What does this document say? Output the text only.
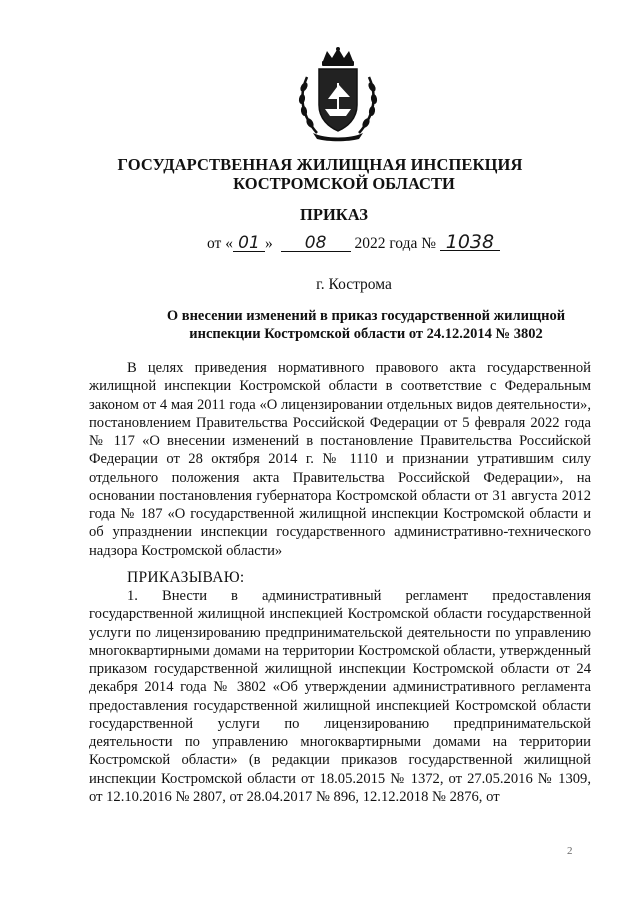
ГОСУДАРСТВЕННАЯ ЖИЛИЩНАЯ ИНСПЕКЦИЯ
КОСТРОМСКОЙ ОБЛАСТИ
ПРИКАЗ
от « 01 » 08 2022 года № 1038
г. Кострома
О внесении изменений в приказ государственной жилищной
инспекции Костромской области от 24.12.2014 № 3802
В целях приведения нормативного правового акта государственной жилищной инспекции Костромской области в соответствие с Федеральным законом от 4 мая 2011 года «О лицензировании отдельных видов деятельности», постановлением Правительства Российской Федерации от 5 февраля 2022 года № 117 «О внесении изменений в постановление Правительства Российской Федерации от 28 октября 2014 г. № 1110 и признании утратившим силу отдельного положения акта Правительства Российской Федерации», на основании постановления губернатора Костромской области от 31 августа 2012 года № 187 «О государственной жилищной инспекции Костромской области и об упразднении инспекции государственного административно-технического надзора Костромской области»
ПРИКАЗЫВАЮ:
1. Внести в административный регламент предоставления государственной жилищной инспекцией Костромской области государственной услуги по лицензированию предпринимательской деятельности по управлению многоквартирными домами на территории Костромской области, утвержденный приказом государственной жилищной инспекции Костромской области от 24 декабря 2014 года № 3802 «Об утверждении административного регламента предоставления государственной жилищной инспекцией Костромской области государственной услуги по лицензированию предпринимательской деятельности по управлению многоквартирными домами на территории Костромской области» (в редакции приказов государственной жилищной инспекции Костромской области от 18.05.2015 № 1372, от 27.05.2016 № 1309, от 12.10.2016 № 2807, от 28.04.2017 № 896, 12.12.2018 № 2876, от
2
